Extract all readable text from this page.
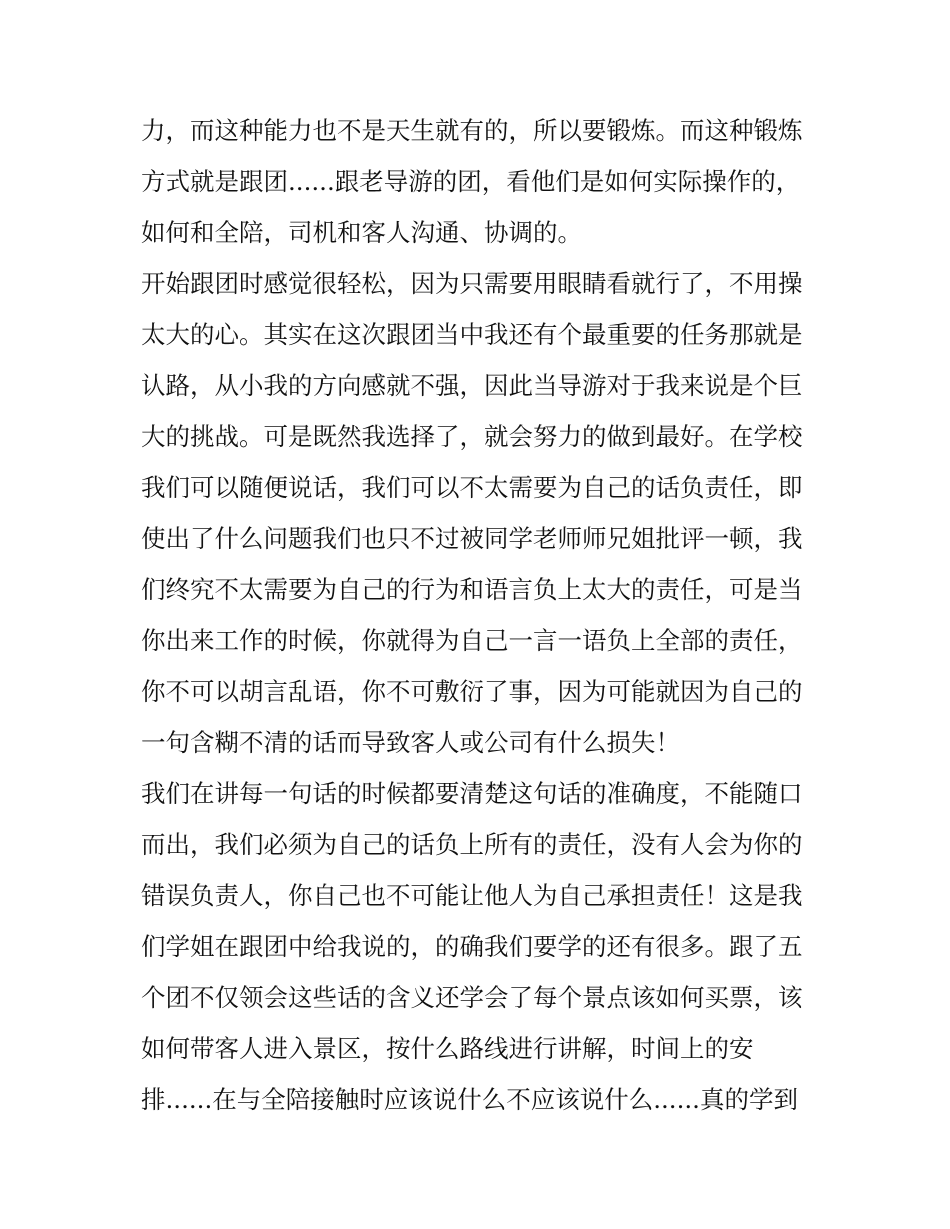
力，而这种能力也不是天生就有的，所以要锻炼。而这种锻炼
方式就是跟团......跟老导游的团，看他们是如何实际操作的，
如何和全陪，司机和客人沟通、协调的。
开始跟团时感觉很轻松，因为只需要用眼睛看就行了，不用操
太大的心。其实在这次跟团当中我还有个最重要的任务那就是
认路，从小我的方向感就不强，因此当导游对于我来说是个巨
大的挑战。可是既然我选择了，就会努力的做到最好。在学校
我们可以随便说话，我们可以不太需要为自己的话负责任，即
使出了什么问题我们也只不过被同学老师师兄姐批评一顿，我
们终究不太需要为自己的行为和语言负上太大的责任，可是当
你出来工作的时候，你就得为自己一言一语负上全部的责任，
你不可以胡言乱语，你不可敷衍了事，因为可能就因为自己的
一句含糊不清的话而导致客人或公司有什么损失！
我们在讲每一句话的时候都要清楚这句话的准确度，不能随口
而出，我们必须为自己的话负上所有的责任，没有人会为你的
错误负责人，你自己也不可能让他人为自己承担责任！这是我
们学姐在跟团中给我说的，的确我们要学的还有很多。跟了五
个团不仅领会这些话的含义还学会了每个景点该如何买票，该
如何带客人进入景区，按什么路线进行讲解，时间上的安
排......在与全陪接触时应该说什么不应该说什么......真的学到
